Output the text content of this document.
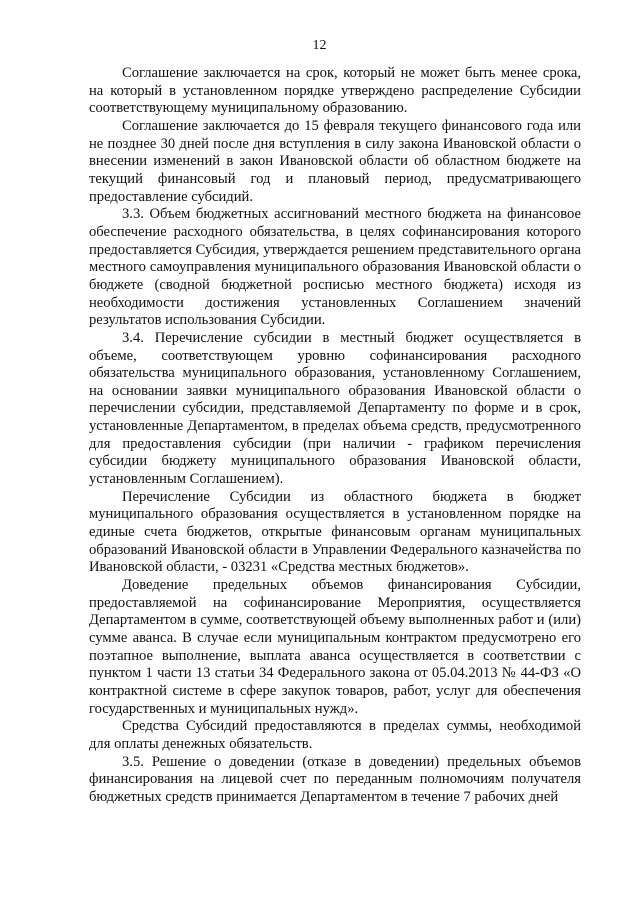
12

Соглашение заключается на срок, который не может быть менее срока, на который в установленном порядке утверждено распределение Субсидии соответствующему муниципальному образованию.

Соглашение заключается до 15 февраля текущего финансового года или не позднее 30 дней после дня вступления в силу закона Ивановской области о внесении изменений в закон Ивановской области об областном бюджете на текущий финансовый год и плановый период, предусматривающего предоставление субсидий.

3.3. Объем бюджетных ассигнований местного бюджета на финансовое обеспечение расходного обязательства, в целях софинансирования которого предоставляется Субсидия, утверждается решением представительного органа местного самоуправления муниципального образования Ивановской области о бюджете (сводной бюджетной росписью местного бюджета) исходя из необходимости достижения установленных Соглашением значений результатов использования Субсидии.

3.4. Перечисление субсидии в местный бюджет осуществляется в объеме, соответствующем уровню софинансирования расходного обязательства муниципального образования, установленному Соглашением, на основании заявки муниципального образования Ивановской области о перечислении субсидии, представляемой Департаменту по форме и в срок, установленные Департаментом, в пределах объема средств, предусмотренного для предоставления субсидии (при наличии - графиком перечисления субсидии бюджету муниципального образования Ивановской области, установленным Соглашением).

Перечисление Субсидии из областного бюджета в бюджет муниципального образования осуществляется в установленном порядке на единые счета бюджетов, открытые финансовым органам муниципальных образований Ивановской области в Управлении Федерального казначейства по Ивановской области, - 03231 «Средства местных бюджетов».

Доведение предельных объемов финансирования Субсидии, предоставляемой на софинансирование Мероприятия, осуществляется Департаментом в сумме, соответствующей объему выполненных работ и (или) сумме аванса. В случае если муниципальным контрактом предусмотрено его поэтапное выполнение, выплата аванса осуществляется в соответствии с пунктом 1 части 13 статьи 34 Федерального закона от 05.04.2013 № 44-ФЗ «О контрактной системе в сфере закупок товаров, работ, услуг для обеспечения государственных и муниципальных нужд».

Средства Субсидий предоставляются в пределах суммы, необходимой для оплаты денежных обязательств.

3.5. Решение о доведении (отказе в доведении) предельных объемов финансирования на лицевой счет по переданным полномочиям получателя бюджетных средств принимается Департаментом в течение 7 рабочих дней
